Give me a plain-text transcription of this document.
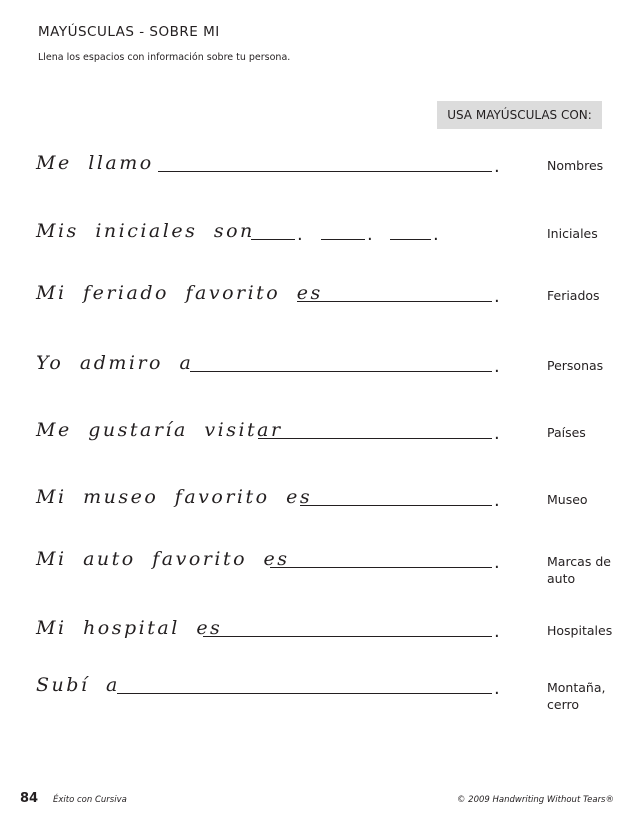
MAYÚSCULAS - SOBRE MI
Llena los espacios con información sobre tu persona.
USA MAYÚSCULAS CON:
Me llamo	.	Nombres
Mis iniciales son .	.	.	Iniciales
Mi feriado favorito es	.	Feriados
Yo admiro a	.	Personas
Me gustaría visitar	.	Países
Mi museo favorito es	.	Museo
Mi auto favorito es	.	Marcas de auto
Mi hospital es	.	Hospitales
Subí a	.	Montaña, cerro
84 Éxito con Cursiva	© 2009 Handwriting Without Tears®
